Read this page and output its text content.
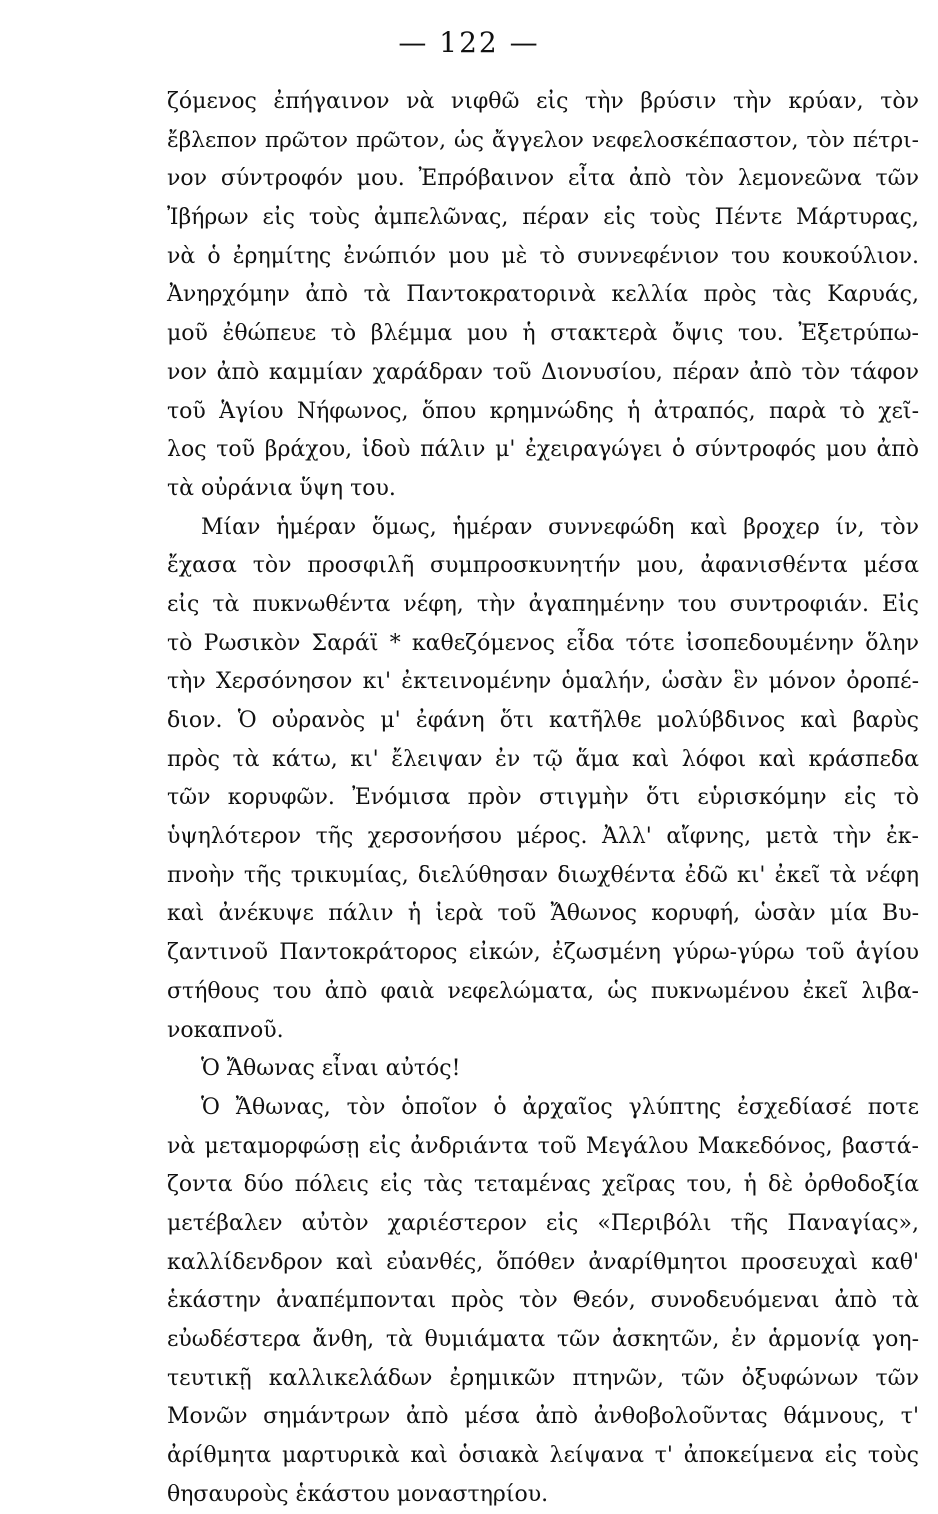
— 122 —
ζόμενος ἐπήγαινον νὰ νιφθῶ εἰς τὴν βρύσιν τὴν κρύαν, τὸν
ἔβλεπον πρῶτον πρῶτον, ὡς ἄγγελον νεφελοσκέπαστον, τὸν πέτρι-
νον σύντροφόν μου. Ἐπρόβαινον εἶτα ἀπὸ τὸν λεμονεῶνα τῶν
Ἰβήρων εἰς τοὺς ἀμπελῶνας, πέραν εἰς τοὺς Πέντε Μάρτυρας,
νὰ ὁ ἐρημίτης ἐνώπιόν μου μὲ τὸ συννεφένιον του κουκούλιον.
Ἀνηρχόμην ἀπὸ τὰ Παντοκρατορινὰ κελλία πρὸς τὰς Καρυάς,
μοῦ ἐθώπευε τὸ βλέμμα μου ἡ στακτερὰ ὄψις του. Ἐξετρύπω-
νον ἀπὸ καμμίαν χαράδραν τοῦ Διονυσίου, πέραν ἀπὸ τὸν τάφον
τοῦ Ἁγίου Νήφωνος, ὅπου κρημνώδης ἡ ἀτραπός, παρὰ τὸ χεῖ-
λος τοῦ βράχου, ἰδοὺ πάλιν μ' ἐχειραγώγει ὁ σύντροφός μου ἀπὸ
τὰ οὐράνια ὕψη του.
Μίαν ἡμέραν ὅμως, ἡμέραν συννεφώδη καὶ βροχερ ίν, τὸν
ἔχασα τὸν προσφιλῆ συμπροσκυνητήν μου, ἀφανισθέντα μέσα
εἰς τὰ πυκνωθέντα νέφη, τὴν ἀγαπημένην του συντροφιάν. Εἰς
τὸ Ρωσικὸν Σαράϊ * καθεζόμενος εἶδα τότε ἰσοπεδουμένην ὅλην
τὴν Χερσόνησον κι' ἐκτεινομένην ὁμαλήν, ὡσὰν ἓν μόνον ὀροπέ-
διον. Ὁ οὐρανὸς μ' ἐφάνη ὅτι κατῆλθε μολύβδινος καὶ βαρὺς
πρὸς τὰ κάτω, κι' ἔλειψαν ἐν τῷ ἅμα καὶ λόφοι καὶ κράσπεδα
τῶν κορυφῶν. Ἐνόμισα πρὸν στιγμὴν ὅτι εὑρισκόμην εἰς τὸ
ὑψηλότερον τῆς χερσονήσου μέρος. Ἀλλ' αἴφνης, μετὰ τὴν ἐκ-
πνοὴν τῆς τρικυμίας, διελύθησαν διωχθέντα ἐδῶ κι' ἐκεῖ τὰ νέφη
καὶ ἀνέκυψε πάλιν ἡ ἱερὰ τοῦ Ἄθωνος κορυφή, ὡσὰν μία Βυ-
ζαντινοῦ Παντοκράτορος εἰκών, ἐζωσμένη γύρω-γύρω τοῦ ἁγίου
στήθους του ἀπὸ φαιὰ νεφελώματα, ὡς πυκνωμένου ἐκεῖ λιβα-
νοκαπνοῦ.
Ὁ Ἄθωνας εἶναι αὐτός!
Ὁ Ἄθωνας, τὸν ὁποῖον ὁ ἀρχαῖος γλύπτης ἐσχεδίασέ ποτε
νὰ μεταμορφώσῃ εἰς ἀνδριάντα τοῦ Μεγάλου Μακεδόνος, βαστά-
ζοντα δύο πόλεις εἰς τὰς τεταμένας χεῖρας του, ἡ δὲ ὀρθοδοξία
μετέβαλεν αὐτὸν χαριέστερον εἰς «Περιβόλι τῆς Παναγίας»,
καλλίδενδρον καὶ εὐανθές, ὅπόθεν ἀναρίθμητοι προσευχαὶ καθ'
ἑκάστην ἀναπέμπονται πρὸς τὸν Θεόν, συνοδευόμεναι ἀπὸ τὰ
εὐωδέστερα ἄνθη, τὰ θυμιάματα τῶν ἀσκητῶν, ἐν ἁρμονίᾳ γοη-
τευτικῇ καλλικελάδων ἐρημικῶν πτηνῶν, τῶν ὀξυφώνων τῶν
Μονῶν σημάντρων ἀπὸ μέσα ἀπὸ ἀνθοβολοῦντας θάμνους, τ'
ἀρίθμητα μαρτυρικὰ καὶ ὁσιακὰ λείψανα τ' ἀποκείμενα εἰς τοὺς
θησαυροὺς ἑκάστου μοναστηρίου.
